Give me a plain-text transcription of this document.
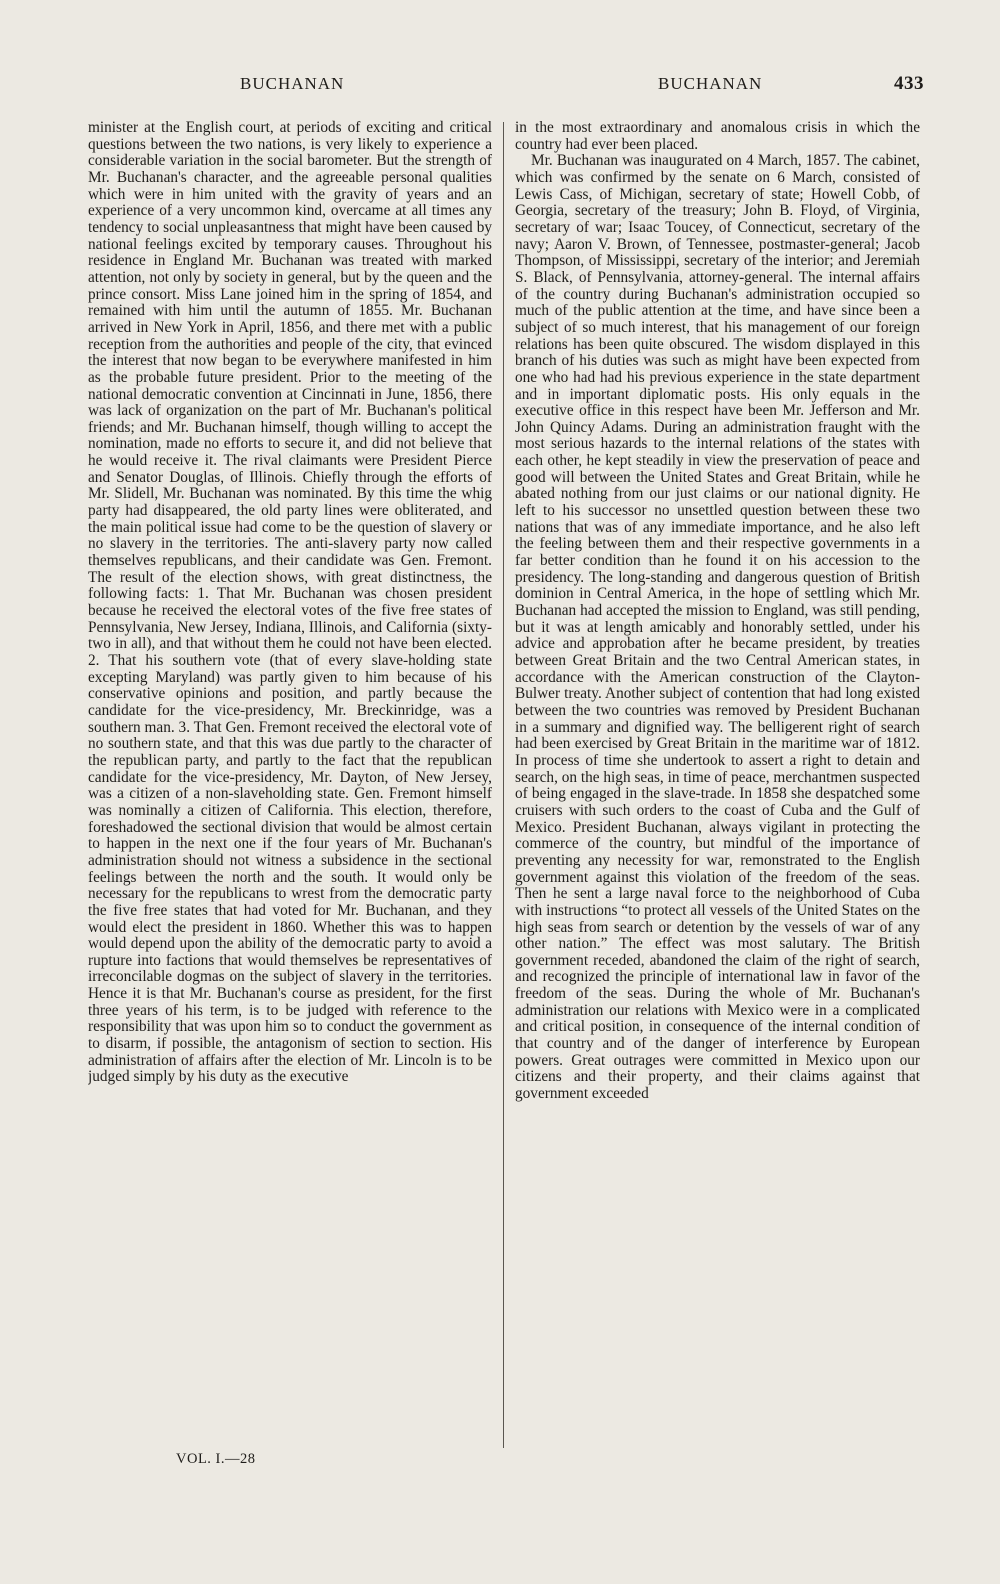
BUCHANAN	BUCHANAN	433

minister at the English court, at periods of exciting and critical questions between the two nations, is very likely to experience a considerable variation in the social barometer. But the strength of Mr. Buchanan's character, and the agreeable personal qualities which were in him united with the gravity of years and an experience of a very uncommon kind, overcame at all times any tendency to social unpleasantness that might have been caused by national feelings excited by temporary causes. Throughout his residence in England Mr. Buchanan was treated with marked attention, not only by society in general, but by the queen and the prince consort. Miss Lane joined him in the spring of 1854, and remained with him until the autumn of 1855. Mr. Buchanan arrived in New York in April, 1856, and there met with a public reception from the authorities and people of the city, that evinced the interest that now began to be everywhere manifested in him as the probable future president. Prior to the meeting of the national democratic convention at Cincinnati in June, 1856, there was lack of organization on the part of Mr. Buchanan's political friends; and Mr. Buchanan himself, though willing to accept the nomination, made no efforts to secure it, and did not believe that he would receive it. The rival claimants were President Pierce and Senator Douglas, of Illinois. Chiefly through the efforts of Mr. Slidell, Mr. Buchanan was nominated. By this time the whig party had disappeared, the old party lines were obliterated, and the main political issue had come to be the question of slavery or no slavery in the territories. The anti-slavery party now called themselves republicans, and their candidate was Gen. Fremont. The result of the election shows, with great distinctness, the following facts: 1. That Mr. Buchanan was chosen president because he received the electoral votes of the five free states of Pennsylvania, New Jersey, Indiana, Illinois, and California (sixty-two in all), and that without them he could not have been elected. 2. That his southern vote (that of every slave-holding state excepting Maryland) was partly given to him because of his conservative opinions and position, and partly because the candidate for the vice-presidency, Mr. Breckinridge, was a southern man. 3. That Gen. Fremont received the electoral vote of no southern state, and that this was due partly to the character of the republican party, and partly to the fact that the republican candidate for the vice-presidency, Mr. Dayton, of New Jersey, was a citizen of a non-slaveholding state. Gen. Fremont himself was nominally a citizen of California. This election, therefore, foreshadowed the sectional division that would be almost certain to happen in the next one if the four years of Mr. Buchanan's administration should not witness a subsidence in the sectional feelings between the north and the south. It would only be necessary for the republicans to wrest from the democratic party the five free states that had voted for Mr. Buchanan, and they would elect the president in 1860. Whether this was to happen would depend upon the ability of the democratic party to avoid a rupture into factions that would themselves be representatives of irreconcilable dogmas on the subject of slavery in the territories. Hence it is that Mr. Buchanan's course as president, for the first three years of his term, is to be judged with reference to the responsibility that was upon him so to conduct the government as to disarm, if possible, the antagonism of section to section. His administration of affairs after the election of Mr. Lincoln is to be judged simply by his duty as the executive

in the most extraordinary and anomalous crisis in which the country had ever been placed.

Mr. Buchanan was inaugurated on 4 March, 1857. The cabinet, which was confirmed by the senate on 6 March, consisted of Lewis Cass, of Michigan, secretary of state; Howell Cobb, of Georgia, secretary of the treasury; John B. Floyd, of Virginia, secretary of war; Isaac Toucey, of Connecticut, secretary of the navy; Aaron V. Brown, of Tennessee, postmaster-general; Jacob Thompson, of Mississippi, secretary of the interior; and Jeremiah S. Black, of Pennsylvania, attorney-general. The internal affairs of the country during Buchanan's administration occupied so much of the public attention at the time, and have since been a subject of so much interest, that his management of our foreign relations has been quite obscured. The wisdom displayed in this branch of his duties was such as might have been expected from one who had had his previous experience in the state department and in important diplomatic posts. His only equals in the executive office in this respect have been Mr. Jefferson and Mr. John Quincy Adams. During an administration fraught with the most serious hazards to the internal relations of the states with each other, he kept steadily in view the preservation of peace and good will between the United States and Great Britain, while he abated nothing from our just claims or our national dignity. He left to his successor no unsettled question between these two nations that was of any immediate importance, and he also left the feeling between them and their respective governments in a far better condition than he found it on his accession to the presidency. The long-standing and dangerous question of British dominion in Central America, in the hope of settling which Mr. Buchanan had accepted the mission to England, was still pending, but it was at length amicably and honorably settled, under his advice and approbation after he became president, by treaties between Great Britain and the two Central American states, in accordance with the American construction of the Clayton-Bulwer treaty. Another subject of contention that had long existed between the two countries was removed by President Buchanan in a summary and dignified way. The belligerent right of search had been exercised by Great Britain in the maritime war of 1812. In process of time she undertook to assert a right to detain and search, on the high seas, in time of peace, merchantmen suspected of being engaged in the slave-trade. In 1858 she despatched some cruisers with such orders to the coast of Cuba and the Gulf of Mexico. President Buchanan, always vigilant in protecting the commerce of the country, but mindful of the importance of preventing any necessity for war, remonstrated to the English government against this violation of the freedom of the seas. Then he sent a large naval force to the neighborhood of Cuba with instructions “to protect all vessels of the United States on the high seas from search or detention by the vessels of war of any other nation.” The effect was most salutary. The British government receded, abandoned the claim of the right of search, and recognized the principle of international law in favor of the freedom of the seas. During the whole of Mr. Buchanan's administration our relations with Mexico were in a complicated and critical position, in consequence of the internal condition of that country and of the danger of interference by European powers. Great outrages were committed in Mexico upon our citizens and their property, and their claims against that government exceeded

VOL. I.—28
